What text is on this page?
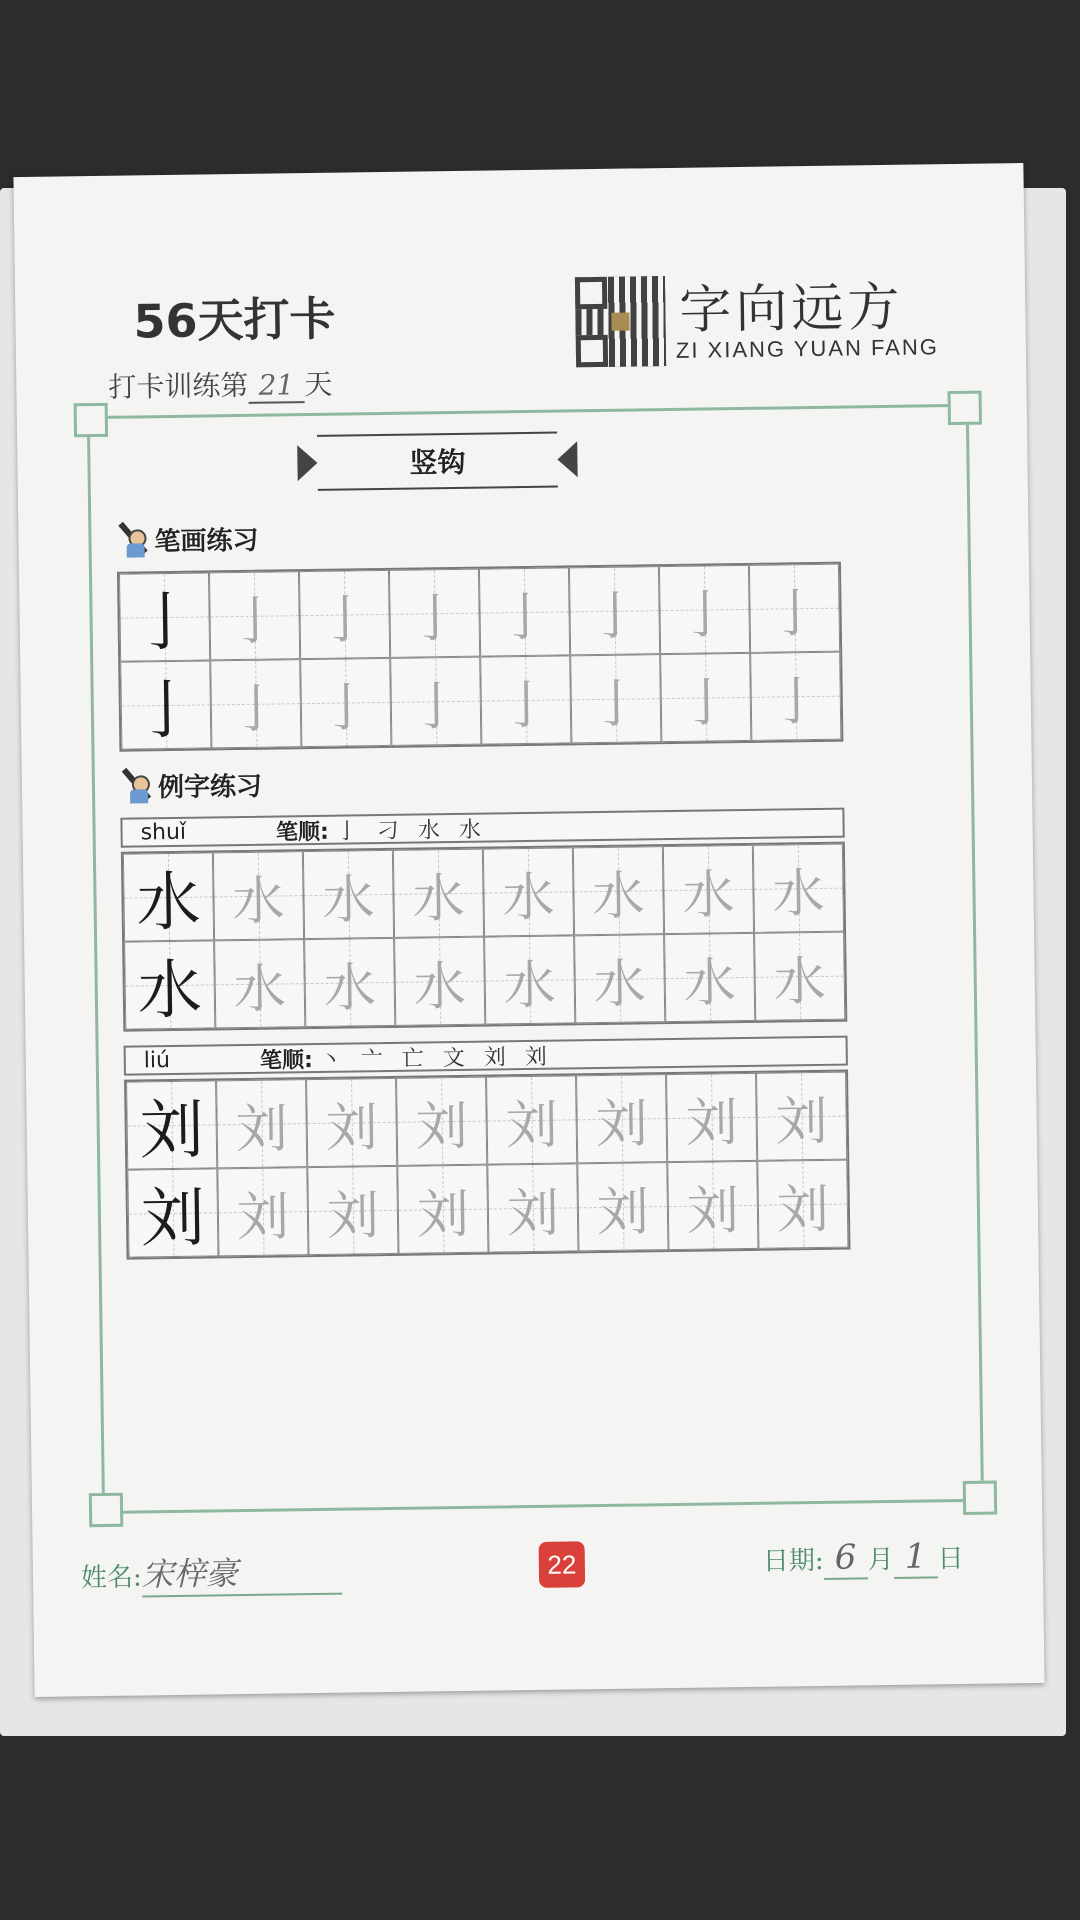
56天打卡
打卡训练第 21 天
字向远方
ZI XIANG YUAN FANG
竖钩
笔画练习
亅 亅 亅 亅 亅 亅 亅 亅
亅 亅 亅 亅 亅 亅 亅 亅
例字练习
shuǐ	笔顺: 亅 刁 水 水
水 水 水 水 水 水 水 水
水 水 水 水 水 水 水 水
liú	笔顺: 丶 亠 亡 文 刘 刘
刘 刘 刘 刘 刘 刘 刘 刘
刘 刘 刘 刘 刘 刘 刘 刘
姓名:宋梓豪	22	日期: 6 月 1 日
